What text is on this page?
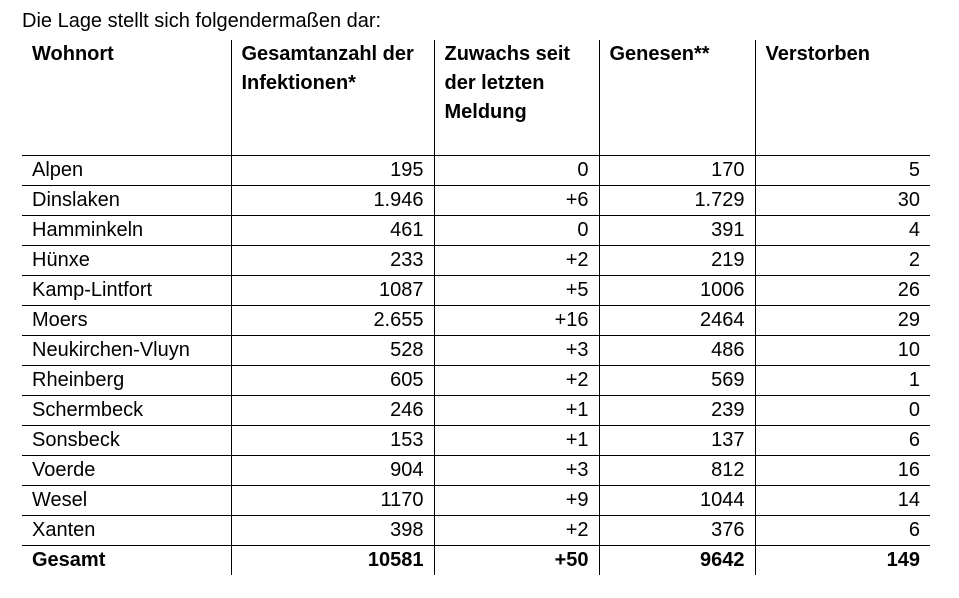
Die Lage stellt sich folgendermaßen dar:
Wohnort	Gesamtanzahl der Infektionen*	Zuwachs seit der letzten Meldung	Genesen**	Verstorben
Alpen	195	0	170	5
Dinslaken	1.946	+6	1.729	30
Hamminkeln	461	0	391	4
Hünxe	233	+2	219	2
Kamp-Lintfort	1087	+5	1006	26
Moers	2.655	+16	2464	29
Neukirchen-Vluyn	528	+3	486	10
Rheinberg	605	+2	569	1
Schermbeck	246	+1	239	0
Sonsbeck	153	+1	137	6
Voerde	904	+3	812	16
Wesel	1170	+9	1044	14
Xanten	398	+2	376	6
Gesamt	10581	+50	9642	149
